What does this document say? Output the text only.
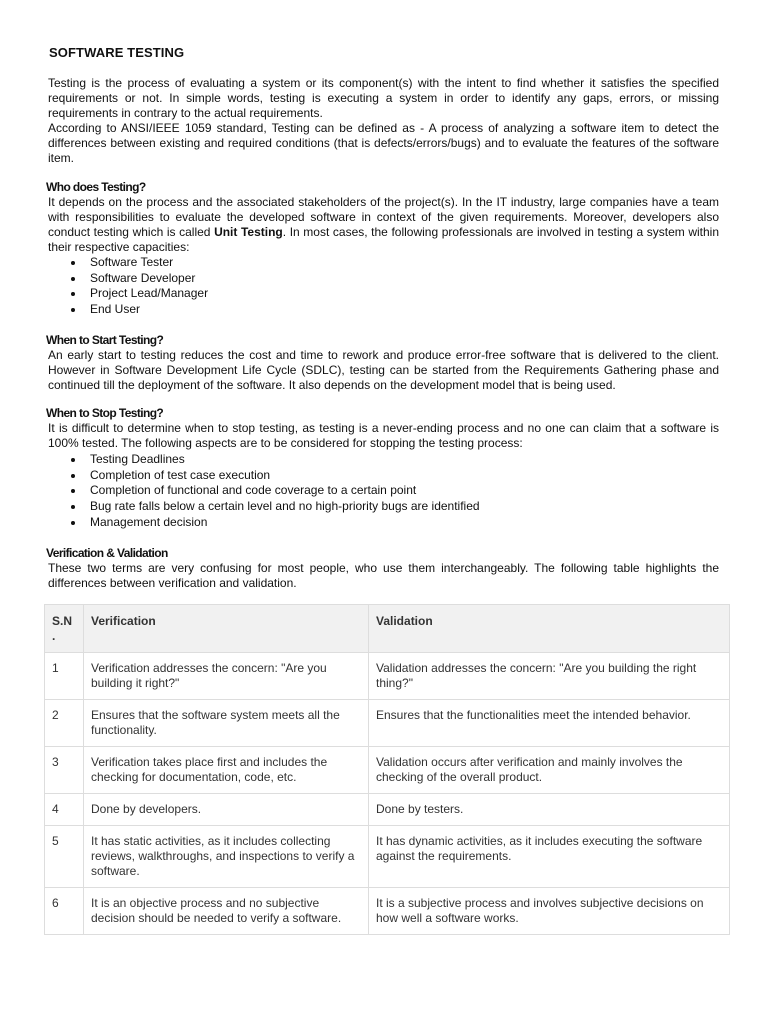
SOFTWARE TESTING

Testing is the process of evaluating a system or its component(s) with the intent to find whether it satisfies the specified requirements or not. In simple words, testing is executing a system in order to identify any gaps, errors, or missing requirements in contrary to the actual requirements.

According to ANSI/IEEE 1059 standard, Testing can be defined as - A process of analyzing a software item to detect the differences between existing and required conditions (that is defects/errors/bugs) and to evaluate the features of the software item.

Who does Testing?

It depends on the process and the associated stakeholders of the project(s). In the IT industry, large companies have a team with responsibilities to evaluate the developed software in context of the given requirements. Moreover, developers also conduct testing which is called Unit Testing. In most cases, the following professionals are involved in testing a system within their respective capacities:

Software Tester
Software Developer
Project Lead/Manager
End User
When to Start Testing?

An early start to testing reduces the cost and time to rework and produce error-free software that is delivered to the client. However in Software Development Life Cycle (SDLC), testing can be started from the Requirements Gathering phase and continued till the deployment of the software. It also depends on the development model that is being used.

When to Stop Testing?

It is difficult to determine when to stop testing, as testing is a never-ending process and no one can claim that a software is 100% tested. The following aspects are to be considered for stopping the testing process:

Testing Deadlines
Completion of test case execution
Completion of functional and code coverage to a certain point
Bug rate falls below a certain level and no high-priority bugs are identified
Management decision
Verification & Validation

These two terms are very confusing for most people, who use them interchangeably. The following table highlights the differences between verification and validation.

S.N .	Verification	Validation
1	Verification addresses the concern: "Are you building it right?"	Validation addresses the concern: "Are you building the right thing?"
2	Ensures that the software system meets all the functionality.	Ensures that the functionalities meet the intended behavior.
3	Verification takes place first and includes the checking for documentation, code, etc.	Validation occurs after verification and mainly involves the checking of the overall product.
4	Done by developers.	Done by testers.
5	It has static activities, as it includes collecting reviews, walkthroughs, and inspections to verify a software.	It has dynamic activities, as it includes executing the software against the requirements.
6	It is an objective process and no subjective decision should be needed to verify a software.	It is a subjective process and involves subjective decisions on how well a software works.
